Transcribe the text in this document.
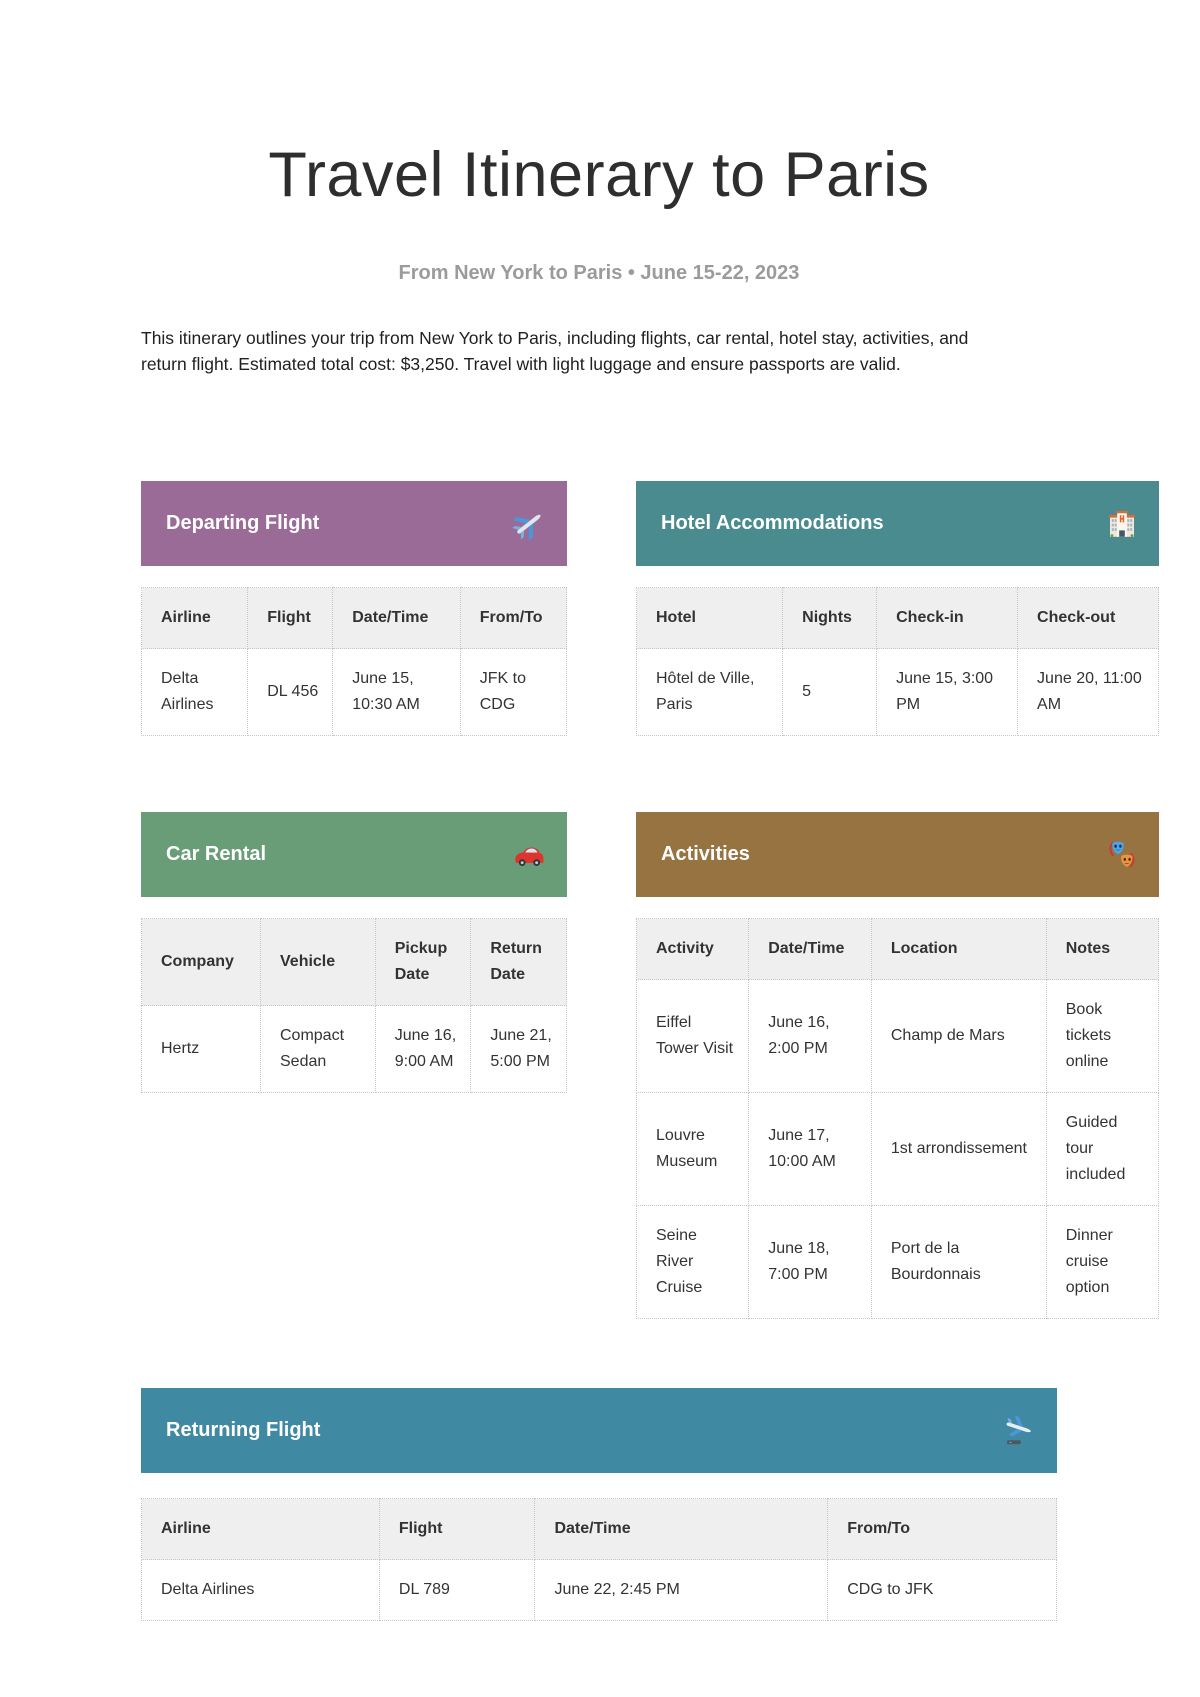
Travel Itinerary to Paris
From New York to Paris • June 15-22, 2023

This itinerary outlines your trip from New York to Paris, including flights, car rental, hotel stay, activities, and return flight. Estimated total cost: $3,250. Travel with light luggage and ensure passports are valid.

Departing Flight
Airline	Flight	Date/Time	From/To
Delta Airlines	DL 456	June 15, 10:30 AM	JFK to CDG
Hotel Accommodations
Hotel	Nights	Check-in	Check-out
Hôtel de Ville, Paris	5	June 15, 3:00 PM	June 20, 11:00 AM
Car Rental
Company	Vehicle	Pickup Date	Return Date
Hertz	Compact Sedan	June 16, 9:00 AM	June 21, 5:00 PM
Activities
Activity	Date/Time	Location	Notes
Eiffel Tower Visit	June 16, 2:00 PM	Champ de Mars	Book tickets online
Louvre Museum	June 17, 10:00 AM	1st arrondissement	Guided tour included
Seine River Cruise	June 18, 7:00 PM	Port de la Bourdonnais	Dinner cruise option
Returning Flight
Airline	Flight	Date/Time	From/To
Delta Airlines	DL 789	June 22, 2:45 PM	CDG to JFK
